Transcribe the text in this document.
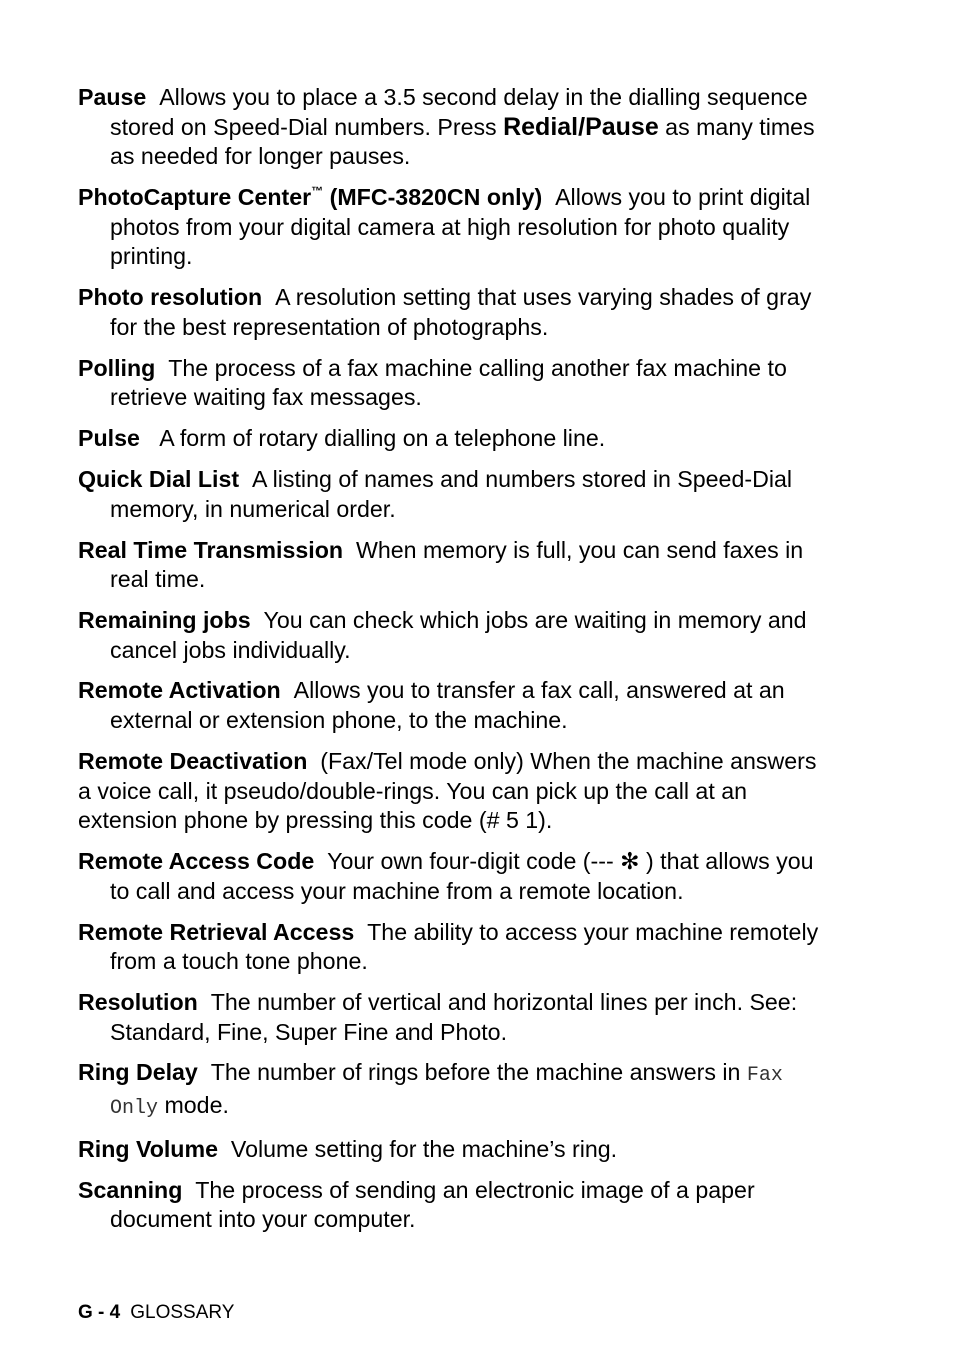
Pause Allows you to place a 3.5 second delay in the dialling sequence stored on Speed-Dial numbers. Press Redial/Pause as many times as needed for longer pauses.

PhotoCapture Center™ (MFC-3820CN only) Allows you to print digital photos from your digital camera at high resolution for photo quality printing.

Photo resolution A resolution setting that uses varying shades of gray for the best representation of photographs.

Polling The process of a fax machine calling another fax machine to retrieve waiting fax messages.

Pulse A form of rotary dialling on a telephone line.

Quick Dial List A listing of names and numbers stored in Speed-Dial memory, in numerical order.

Real Time Transmission When memory is full, you can send faxes in real time.

Remaining jobs You can check which jobs are waiting in memory and cancel jobs individually.

Remote Activation Allows you to transfer a fax call, answered at an external or extension phone, to the machine.

Remote Deactivation (Fax/Tel mode only) When the machine answers a voice call, it pseudo/double-rings. You can pick up the call at an extension phone by pressing this code (# 5 1).

Remote Access Code Your own four-digit code (--- ✻ ) that allows you to call and access your machine from a remote location.

Remote Retrieval Access The ability to access your machine remotely from a touch tone phone.

Resolution The number of vertical and horizontal lines per inch. See: Standard, Fine, Super Fine and Photo.

Ring Delay The number of rings before the machine answers in Fax Only mode.

Ring Volume Volume setting for the machine’s ring.

Scanning The process of sending an electronic image of a paper document into your computer.

G - 4 GLOSSARY
